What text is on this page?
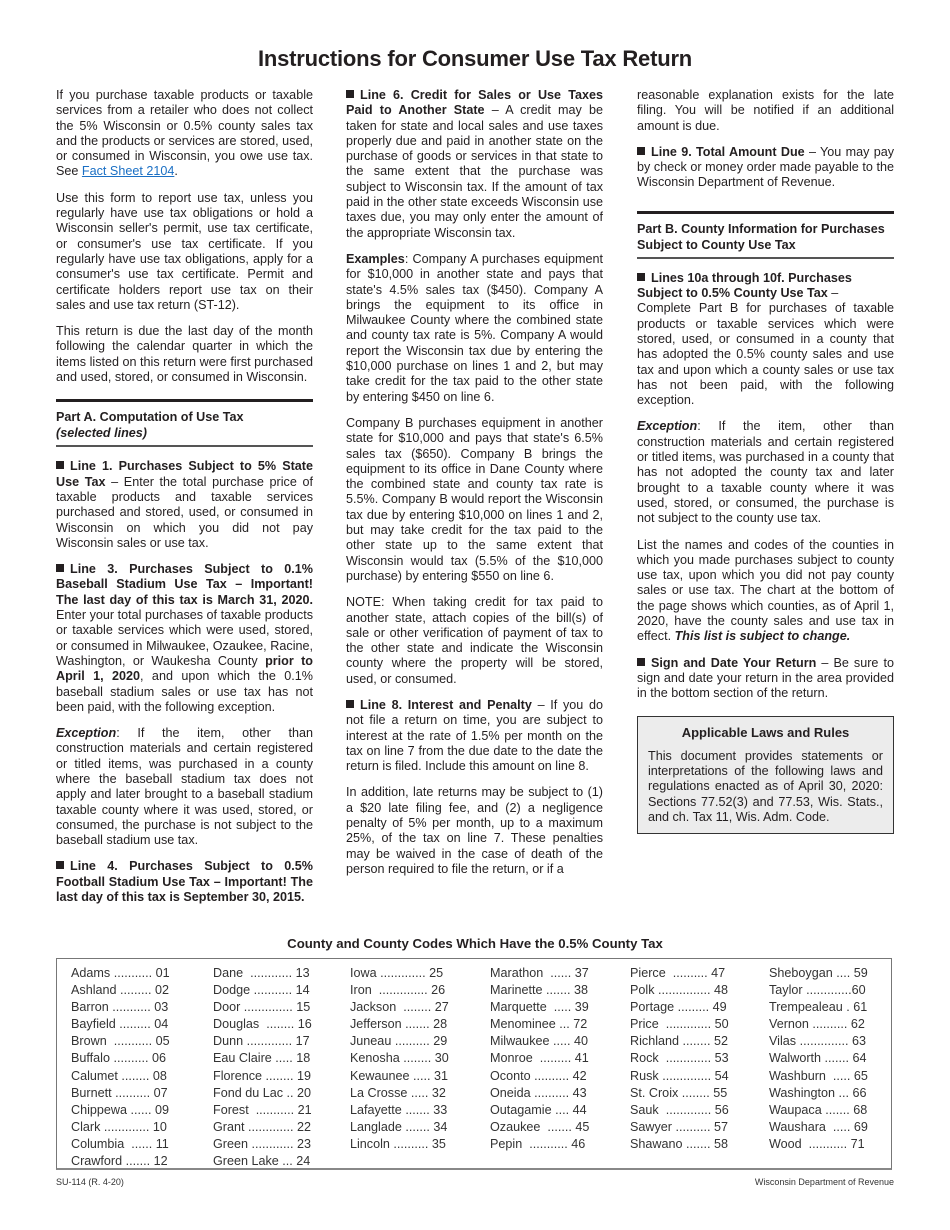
Instructions for Consumer Use Tax Return

If you purchase taxable products or taxable services from a retailer who does not collect the 5% Wisconsin or 0.5% county sales tax and the products or services are stored, used, or consumed in Wisconsin, you owe use tax. See Fact Sheet 2104.

Use this form to report use tax, unless you regularly have use tax obligations or hold a Wisconsin seller's permit, use tax certificate, or consumer's use tax certificate. If you regularly have use tax obligations, apply for a consumer's use tax certificate. Permit and certificate holders report use tax on their sales and use tax return (ST-12).

This return is due the last day of the month following the calendar quarter in which the items listed on this return were first purchased and used, stored, or consumed in Wisconsin.

Part A. Computation of Use Tax
(selected lines)

Line 1. Purchases Subject to 5% State Use Tax – Enter the total purchase price of taxable products and taxable services purchased and stored, used, or consumed in Wisconsin on which you did not pay Wisconsin sales or use tax.

Line 3. Purchases Subject to 0.1% Baseball Stadium Use Tax – Important! The last day of this tax is March 31, 2020. Enter your total purchases of taxable products or taxable services which were used, stored, or consumed in Milwaukee, Ozaukee, Racine, Washington, or Waukesha County prior to April 1, 2020, and upon which the 0.1% baseball stadium sales or use tax has not been paid, with the following exception.

Exception: If the item, other than construction materials and certain registered or titled items, was purchased in a county where the baseball stadium tax does not apply and later brought to a baseball stadium taxable county where it was used, stored, or consumed, the purchase is not subject to the baseball stadium use tax.

Line 4. Purchases Subject to 0.5% Football Stadium Use Tax – Important! The last day of this tax is September 30, 2015.

Line 6. Credit for Sales or Use Taxes Paid to Another State – A credit may be taken for state and local sales and use taxes properly due and paid in another state on the purchase of goods or services in that state to the same extent that the purchase was subject to Wisconsin tax. If the amount of tax paid in the other state exceeds Wisconsin use taxes due, you may only enter the amount of the appropriate Wisconsin tax.

Examples: Company A purchases equipment for $10,000 in another state and pays that state's 4.5% sales tax ($450). Company A brings the equipment to its office in Milwaukee County where the combined state and county tax rate is 5%. Company A would report the Wisconsin tax due by entering the $10,000 purchase on lines 1 and 2, but may take credit for the tax paid to the other state by entering $450 on line 6.

Company B purchases equipment in another state for $10,000 and pays that state's 6.5% sales tax ($650). Company B brings the equipment to its office in Dane County where the combined state and county tax rate is 5.5%. Company B would report the Wisconsin tax due by entering $10,000 on lines 1 and 2, but may take credit for the tax paid to the other state up to the same extent that Wisconsin would tax (5.5% of the $10,000 purchase) by entering $550 on line 6.

NOTE: When taking credit for tax paid to another state, attach copies of the bill(s) of sale or other verification of payment of tax to the other state and indicate the Wisconsin county where the property will be stored, used, or consumed.

Line 8. Interest and Penalty – If you do not file a return on time, you are subject to interest at the rate of 1.5% per month on the tax on line 7 from the due date to the date the return is filed. Include this amount on line 8.

In addition, late returns may be subject to (1) a $20 late filing fee, and (2) a negligence penalty of 5% per month, up to a maximum 25%, of the tax on line 7. These penalties may be waived in the case of death of the person required to file the return, or if a

reasonable explanation exists for the late filing. You will be notified if an additional amount is due.

Line 9. Total Amount Due – You may pay by check or money order made payable to the Wisconsin Department of Revenue.

Part B. County Information for Purchases Subject to County Use Tax

Lines 10a through 10f. Purchases Subject to 0.5% County Use Tax –

Complete Part B for purchases of taxable products or taxable services which were stored, used, or consumed in a county that has adopted the 0.5% county sales and use tax and upon which a county sales or use tax has not been paid, with the following exception.

Exception: If the item, other than construction materials and certain registered or titled items, was purchased in a county that has not adopted the county tax and later brought to a taxable county where it was used, stored, or consumed, the purchase is not subject to the county use tax.

List the names and codes of the counties in which you made purchases subject to county use tax, upon which you did not pay county sales or use tax. The chart at the bottom of the page shows which counties, as of April 1, 2020, have the county sales and use tax in effect. This list is subject to change.

Sign and Date Your Return – Be sure to sign and date your return in the area provided in the bottom section of the return.

Applicable Laws and Rules
This document provides statements or interpretations of the following laws and regulations enacted as of April 30, 2020: Sections 77.52(3) and 77.53, Wis. Stats., and ch. Tax 11, Wis. Adm. Code.
County and County Codes Which Have the 0.5% County Tax
Adams ........... 01
Ashland ......... 02
Barron ........... 03
Bayfield ......... 04
Brown  ........... 05
Buffalo .......... 06
Calumet ........ 08
Burnett .......... 07
Chippewa ...... 09
Clark ............. 10
Columbia  ...... 11
Crawford ....... 12
Dane  ............ 13
Dodge ........... 14
Door .............. 15
Douglas  ........ 16
Dunn ............. 17
Eau Claire ..... 18
Florence ........ 19
Fond du Lac .. 20
Forest  ........... 21
Grant ............. 22
Green ............ 23
Green Lake ... 24
Iowa ............. 25
Iron  .............. 26
Jackson  ........ 27
Jefferson ....... 28
Juneau .......... 29
Kenosha ........ 30
Kewaunee ..... 31
La Crosse ..... 32
Lafayette ....... 33
Langlade ....... 34
Lincoln .......... 35
Marathon  ...... 37
Marinette ....... 38
Marquette  ..... 39
Menominee ... 72
Milwaukee ..... 40
Monroe  ......... 41
Oconto .......... 42
Oneida .......... 43
Outagamie .... 44
Ozaukee  ....... 45
Pepin  ........... 46
Pierce  .......... 47
Polk ............... 48
Portage ......... 49
Price  ............. 50
Richland ........ 52
Rock  ............. 53
Rusk .............. 54
St. Croix ........ 55
Sauk  ............. 56
Sawyer .......... 57
Shawano ....... 58
Sheboygan .... 59
Taylor .............60
Trempealeau . 61
Vernon .......... 62
Vilas .............. 63
Walworth ....... 64
Washburn  ..... 65
Washington ... 66
Waupaca ....... 68
Waushara  ..... 69
Wood  ........... 71
SU-114 (R. 4-20)	Wisconsin Department of Revenue
